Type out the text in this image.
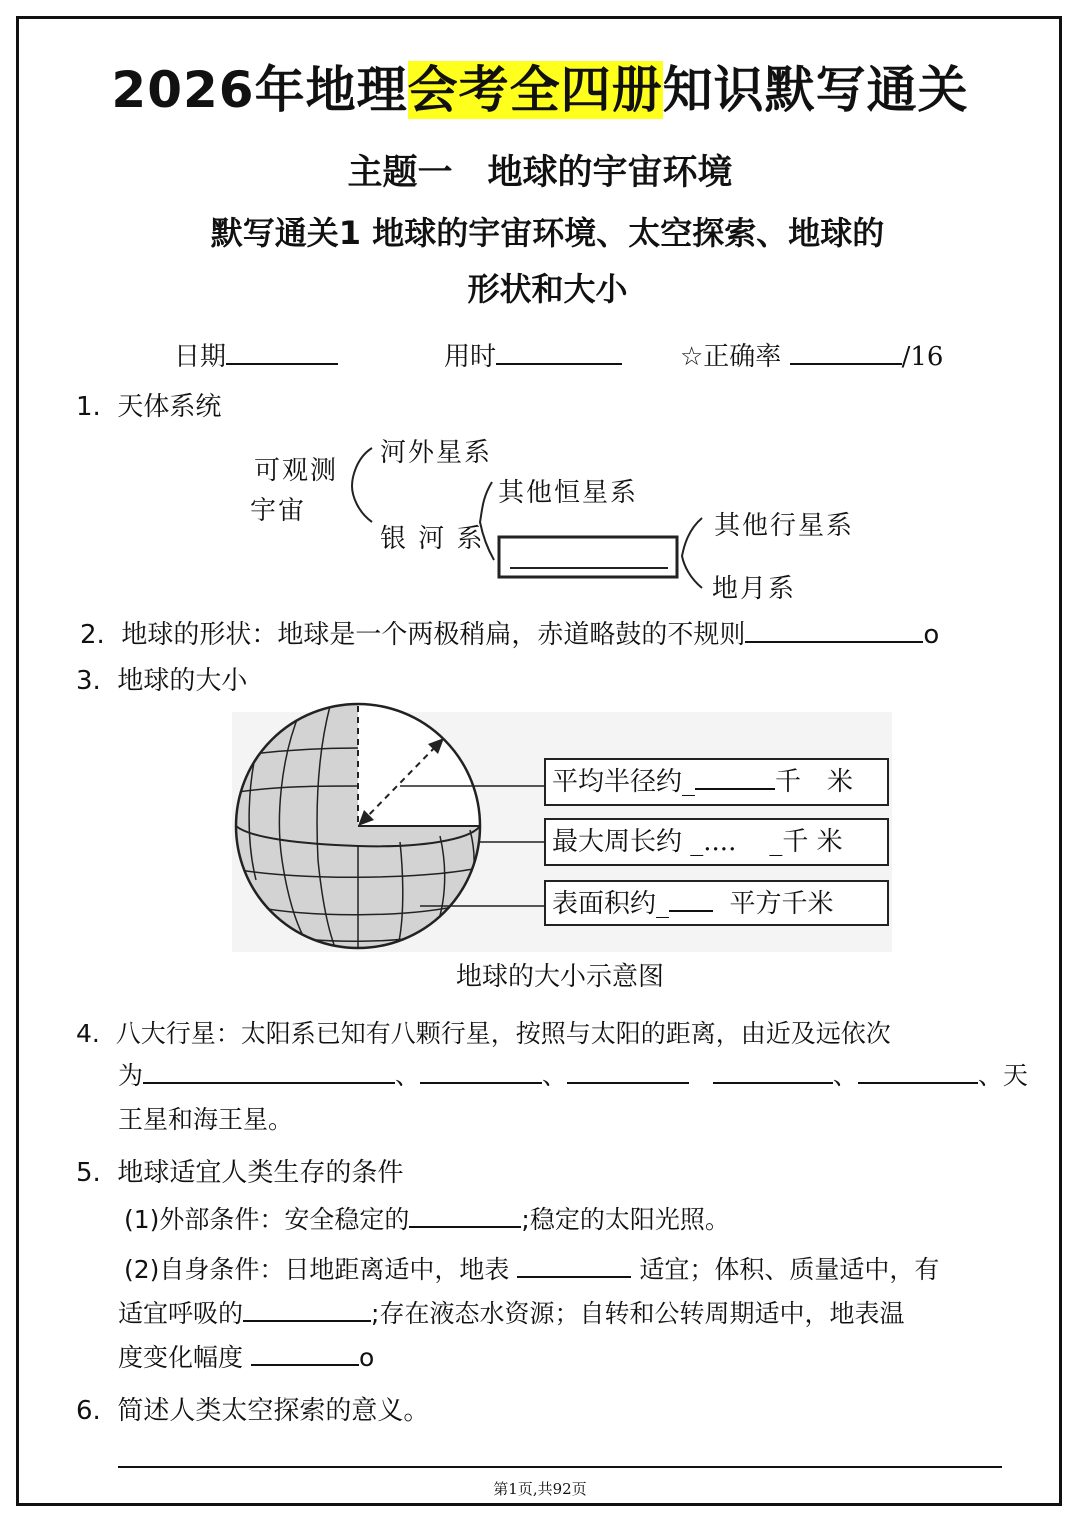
2026年地理会考全四册知识默写通关
主题一　地球的宇宙环境
默写通关1 地球的宇宙环境、太空探索、地球的
形状和大小
日期	用时	☆正确率	/16
1. 天体系统
可观测
宇宙
河外星系
银 河 系
其他恒星系
其他行星系
地月系
2. 地球的形状：地球是一个两极稍扁，赤道略鼓的不规则	o
3. 地球的大小
平均半径约_	千　米
最大周长约 _.... _千 米
表面积约_ 平方千米
地球的大小示意图
4. 八大行星：太阳系已知有八颗行星，按照与太阳的距离，由近及远依次
为	、	、	、	、天
王星和海王星。
5. 地球适宜人类生存的条件
(1)外部条件：安全稳定的	;稳定的太阳光照。
(2)自身条件：日地距离适中，地表	适宜；体积、质量适中，有
适宜呼吸的	;存在液态水资源；自转和公转周期适中，地表温
度变化幅度	o
6. 简述人类太空探索的意义。
第1页,共92页
